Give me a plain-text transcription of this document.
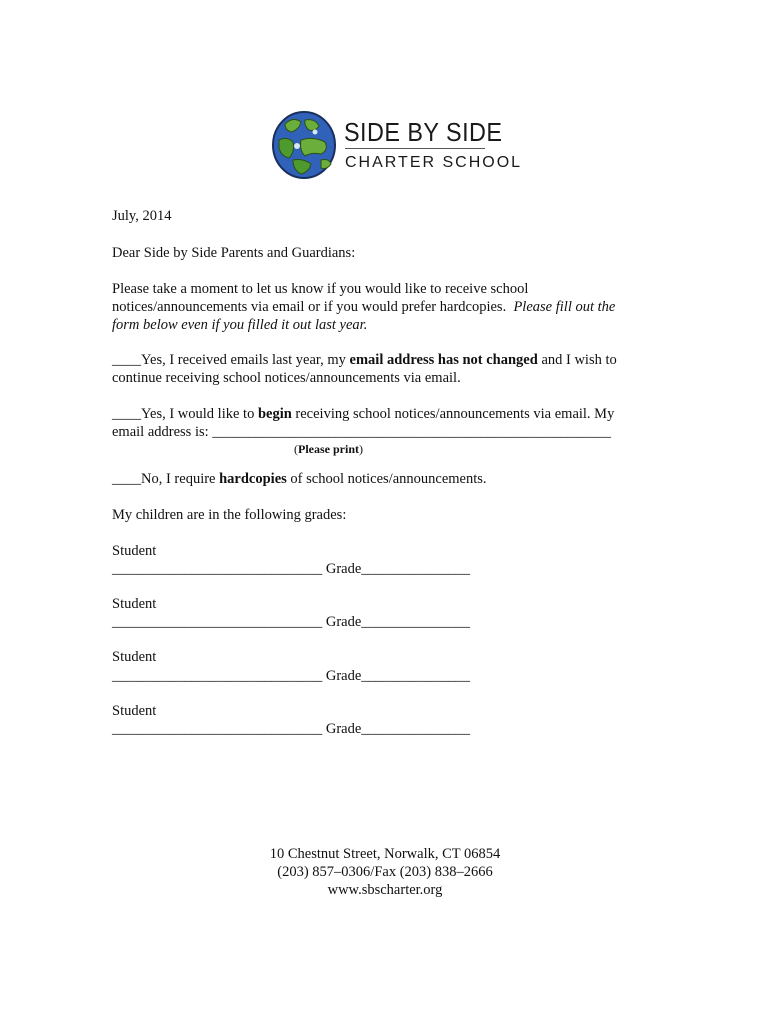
SIDE BY SIDE
CHARTER SCHOOL
July, 2014
Dear Side by Side Parents and Guardians:
Please take a moment to let us know if you would like to receive school
notices/announcements via email or if you would prefer hardcopies. Please fill out the
form below even if you filled it out last year.
____Yes, I received emails last year, my email address has not changed and I wish to
continue receiving school notices/announcements via email.
____Yes, I would like to begin receiving school notices/announcements via email. My
email address is: _______________________________________________________
(Please print)
____No, I require hardcopies of school notices/announcements.
My children are in the following grades:
Student
_____________________________ Grade_______________
Student
_____________________________ Grade_______________
Student
_____________________________ Grade_______________
Student
_____________________________ Grade_______________
10 Chestnut Street, Norwalk, CT 06854
(203) 857–0306/Fax (203) 838–2666
www.sbscharter.org
